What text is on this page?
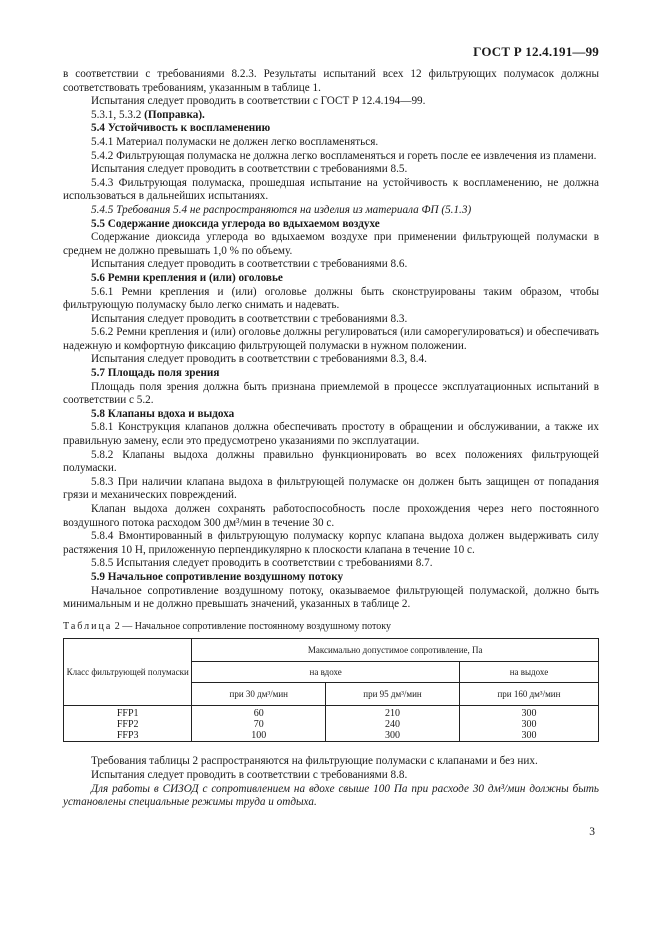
ГОСТ Р 12.4.191—99

в соответствии с требованиями 8.2.3. Результаты испытаний всех 12 фильтрующих полумасок должны соответствовать требованиям, указанным в таблице 1.

Испытания следует проводить в соответствии с ГОСТ Р 12.4.194—99.

5.3.1, 5.3.2 (Поправка).

5.4 Устойчивость к воспламенению

5.4.1 Материал полумаски не должен легко воспламеняться.

5.4.2 Фильтрующая полумаска не должна легко воспламеняться и гореть после ее извлечения из пламени.

Испытания следует проводить в соответствии с требованиями 8.5.

5.4.3 Фильтрующая полумаска, прошедшая испытание на устойчивость к воспламенению, не должна использоваться в дальнейших испытаниях.

5.4.5 Требования 5.4 не распространяются на изделия из материала ФП (5.1.3)

5.5 Содержание диоксида углерода во вдыхаемом воздухе

Содержание диоксида углерода во вдыхаемом воздухе при применении фильтрующей полумаски в среднем не должно превышать 1,0 % по объему.

Испытания следует проводить в соответствии с требованиями 8.6.

5.6 Ремни крепления и (или) оголовье

5.6.1 Ремни крепления и (или) оголовье должны быть сконструированы таким образом, чтобы фильтрующую полумаску было легко снимать и надевать.

Испытания следует проводить в соответствии с требованиями 8.3.

5.6.2 Ремни крепления и (или) оголовье должны регулироваться (или саморегулироваться) и обеспечивать надежную и комфортную фиксацию фильтрующей полумаски в нужном положении.

Испытания следует проводить в соответствии с требованиями 8.3, 8.4.

5.7 Площадь поля зрения

Площадь поля зрения должна быть признана приемлемой в процессе эксплуатационных испытаний в соответствии с 5.2.

5.8 Клапаны вдоха и выдоха

5.8.1 Конструкция клапанов должна обеспечивать простоту в обращении и обслуживании, а также их правильную замену, если это предусмотрено указаниями по эксплуатации.

5.8.2 Клапаны выдоха должны правильно функционировать во всех положениях фильтрующей полумаски.

5.8.3 При наличии клапана выдоха в фильтрующей полумаске он должен быть защищен от попадания грязи и механических повреждений.

Клапан выдоха должен сохранять работоспособность после прохождения через него постоянного воздушного потока расходом 300 дм³/мин в течение 30 с.

5.8.4 Вмонтированный в фильтрующую полумаску корпус клапана выдоха должен выдерживать силу растяжения 10 Н, приложенную перпендикулярно к плоскости клапана в течение 10 с.

5.8.5 Испытания следует проводить в соответствии с требованиями 8.7.

5.9 Начальное сопротивление воздушному потоку

Начальное сопротивление воздушному потоку, оказываемое фильтрующей полумаской, должно быть минимальным и не должно превышать значений, указанных в таблице 2.

Таблица 2 — Начальное сопротивление постоянному воздушному потоку

Класс фильтрующей полумаски	Максимально допустимое сопротивление, Па		
	на вдохе		на выдохе
	при 30 дм³/мин	при 95 дм³/мин	при 160 дм³/мин
FFP1	60	210	300
FFP2	70	240	300
FFP3	100	300	300

Требования таблицы 2 распространяются на фильтрующие полумаски с клапанами и без них.

Испытания следует проводить в соответствии с требованиями 8.8.

Для работы в СИЗОД с сопротивлением на вдохе свыше 100 Па при расходе 30 дм³/мин должны быть установлены специальные режимы труда и отдыха.

3
